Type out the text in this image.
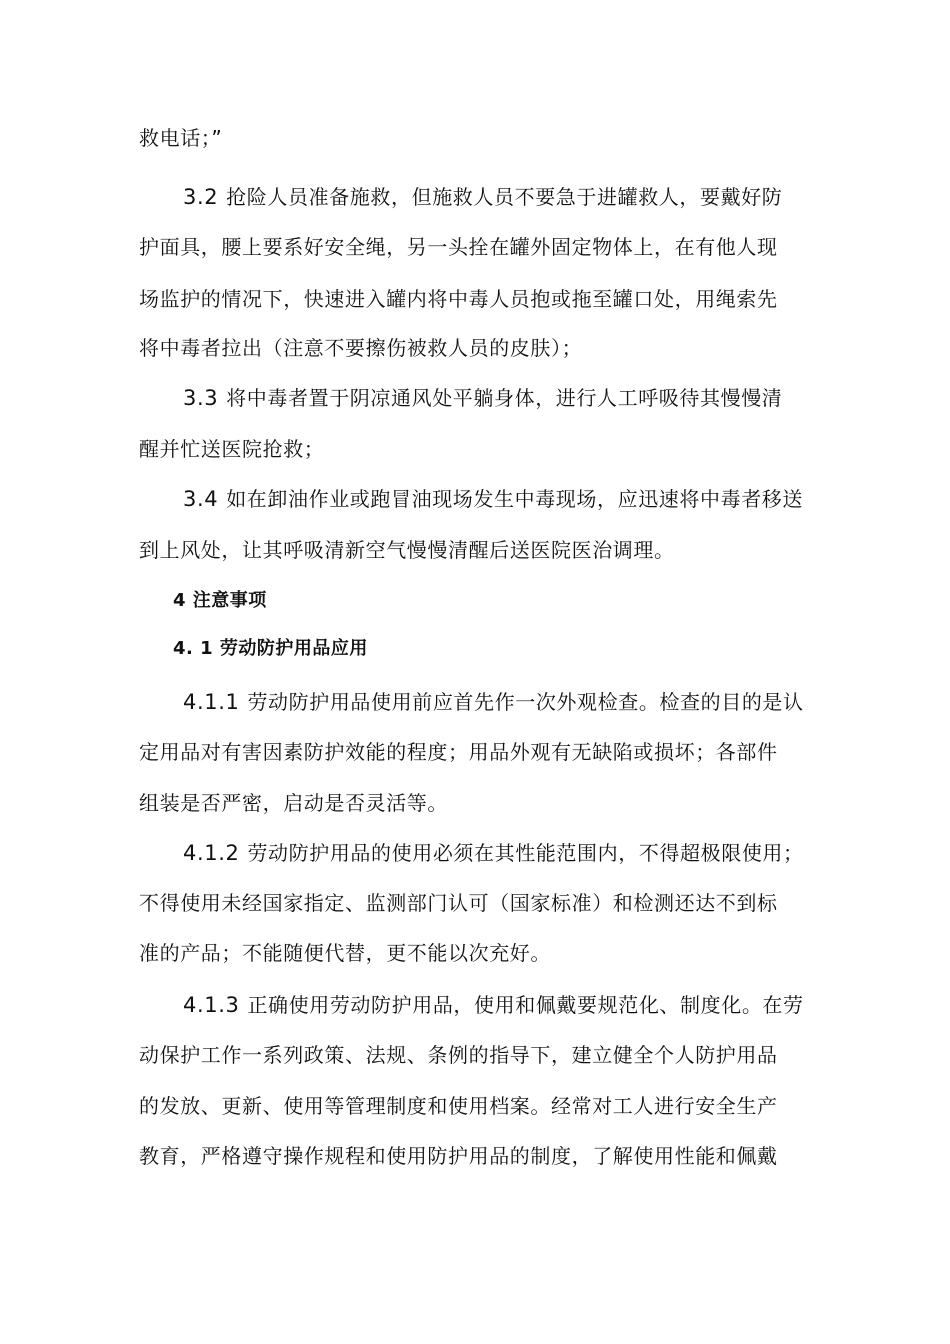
救电话；”
3.2 抢险人员准备施救，但施救人员不要急于进罐救人，要戴好防
护面具，腰上要系好安全绳，另一头拴在罐外固定物体上，在有他人现
场监护的情况下，快速进入罐内将中毒人员抱或拖至罐口处，用绳索先
将中毒者拉出（注意不要擦伤被救人员的皮肤）；
3.3 将中毒者置于阴凉通风处平躺身体，进行人工呼吸待其慢慢清
醒并忙送医院抢救；
3.4 如在卸油作业或跑冒油现场发生中毒现场，应迅速将中毒者移送
到上风处，让其呼吸清新空气慢慢清醒后送医院医治调理。
4 注意事项
4. 1 劳动防护用品应用
4.1.1 劳动防护用品使用前应首先作一次外观检查。检查的目的是认
定用品对有害因素防护效能的程度；用品外观有无缺陷或损坏；各部件
组装是否严密，启动是否灵活等。
4.1.2 劳动防护用品的使用必须在其性能范围内，不得超极限使用；
不得使用未经国家指定、监测部门认可（国家标准）和检测还达不到标
准的产品；不能随便代替，更不能以次充好。
4.1.3 正确使用劳动防护用品，使用和佩戴要规范化、制度化。在劳
动保护工作一系列政策、法规、条例的指导下，建立健全个人防护用品
的发放、更新、使用等管理制度和使用档案。经常对工人进行安全生产
教育，严格遵守操作规程和使用防护用品的制度，了解使用性能和佩戴
